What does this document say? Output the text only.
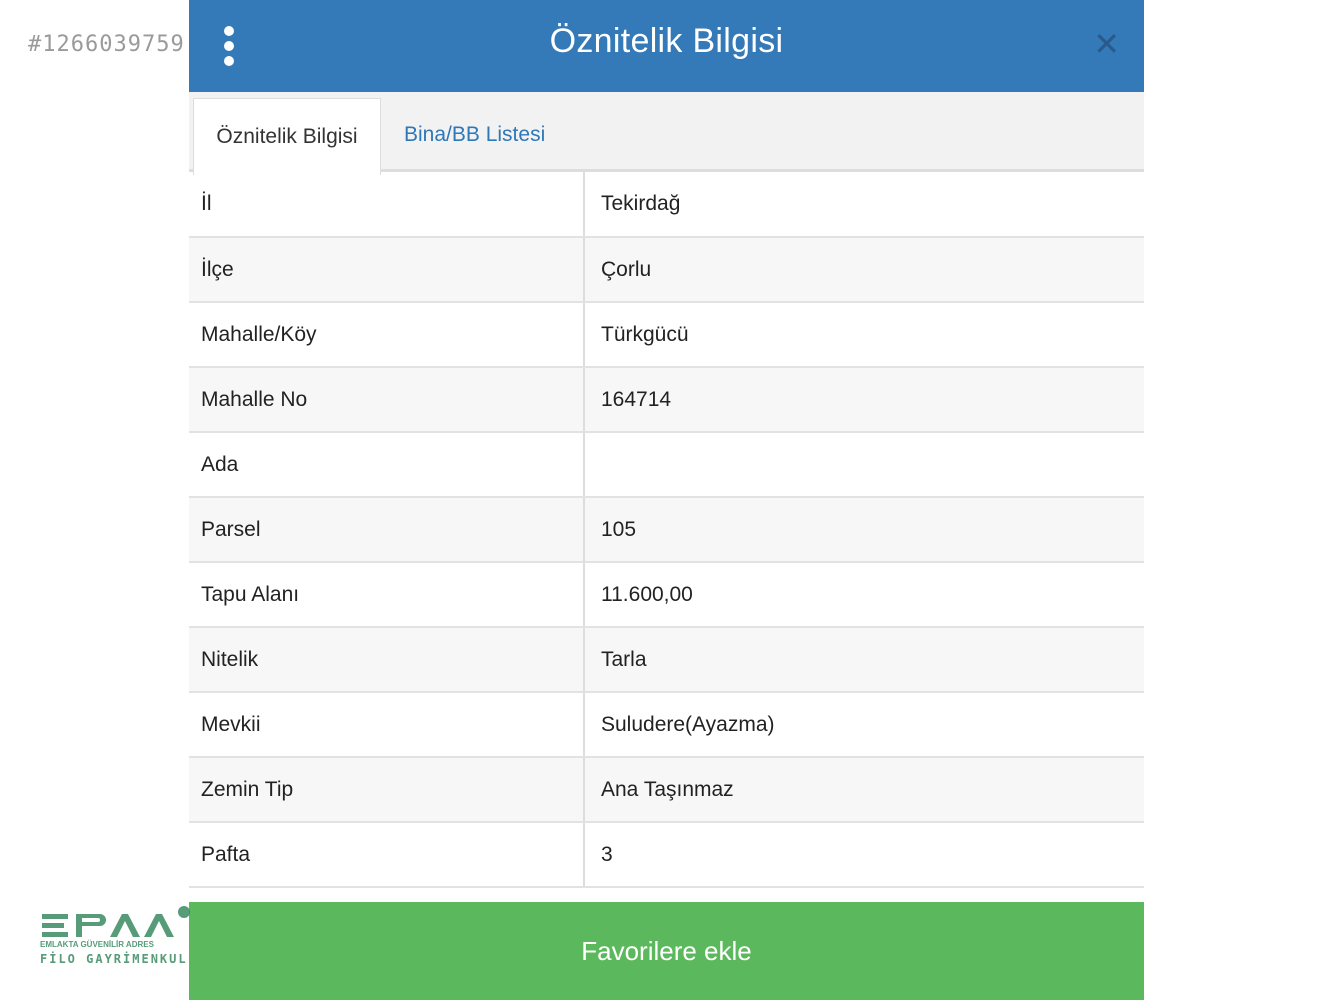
#1266039759	Öznitelik Bilgisi	✕
Öznitelik Bilgisi	Bina/BB Listesi
İl	Tekirdağ
İlçe	Çorlu
Mahalle/Köy	Türkgücü
Mahalle No	164714
Ada	
Parsel	105
Tapu Alanı	11.600,00
Nitelik	Tarla
Mevkii	Suludere(Ayazma)
Zemin Tip	Ana Taşınmaz
Pafta	3
Favorilere ekle
EMLAKTA GÜVENİLİR ADRES
FİLO GAYRİMENKUL
